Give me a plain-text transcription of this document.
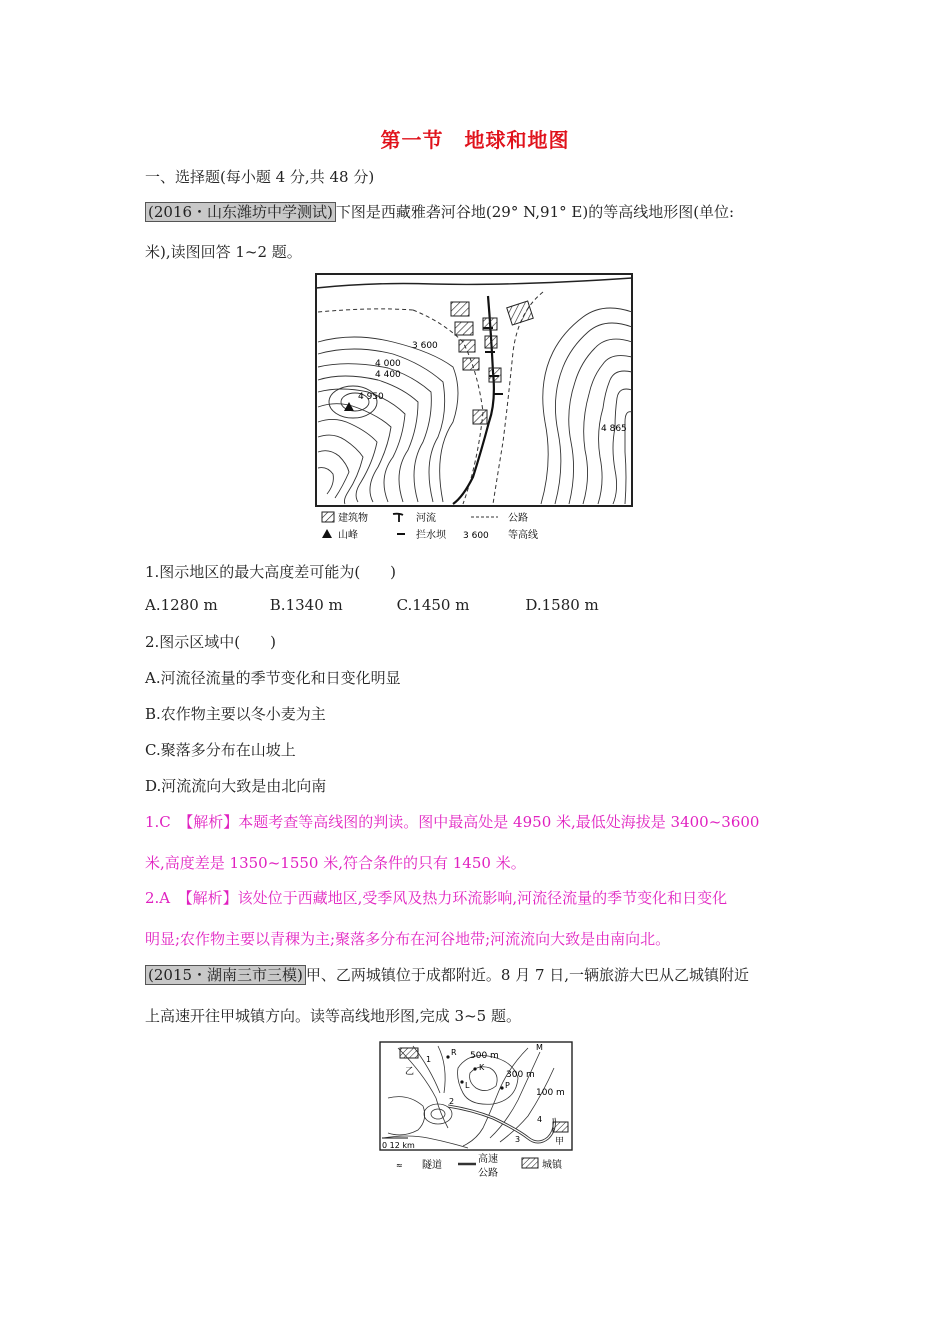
第一节　地球和地图
一、选择题(每小题 4 分,共 48 分)
(2016・山东潍坊中学测试) 下图是西藏雅砻河谷地(29° N,91° E)的等高线地形图(单位:
米),读图回答 1~2 题。
3 600
4 000
4 400
4 950
4 865
建筑物	河流	公路
山峰	拦水坝 3 600 等高线
1.图示地区的最大高度差可能为(　　)
A.1280 m	B.1340 m	C.1450 m	D.1580 m
2.图示区域中(　　)
A.河流径流量的季节变化和日变化明显
B.农作物主要以冬小麦为主
C.聚落多分布在山坡上
D.河流流向大致是由北向南
1.C　【解析】本题考查等高线图的判读。图中最高处是 4950 米,最低处海拔是 3400~3600
米,高度差是 1350~1550 米,符合条件的只有 1450 米。
2.A　【解析】该处位于西藏地区,受季风及热力环流影响,河流径流量的季节变化和日变化
明显;农作物主要以青稞为主;聚落多分布在河谷地带;河流流向大致是由南向北。
(2015・湖南三市三模) 甲、乙两城镇位于成都附近。8 月 7 日,一辆旅游大巴从乙城镇附近
上高速开往甲城镇方向。读等高线地形图,完成 3~5 题。
乙
1
R 500 m
K
L
M
300 m
P
100 m
2
4
3	甲
0 12 km
≈ 隧道
高速
公路
城镇
